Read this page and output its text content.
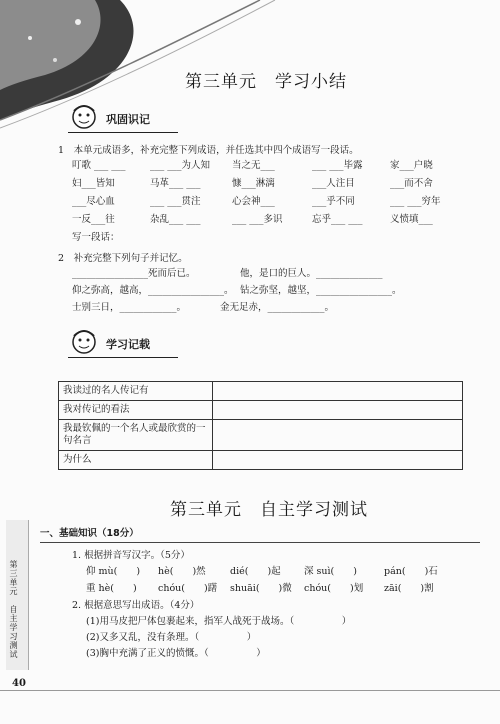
第三单元　学习小结
巩固识记
1　 本单元成语多，补充完整下列成语，并任选其中四个成语写一段话。
叮歌 ___ ___	___ ___为人知 当之无___	___ ___毕露	家___户晓
妇___皆知	马革___ ___	慷___淋漓	___人注目	___而不舍
___尽心血	___ ___贯注	心会神___	___乎不同	___ ___穷年
一反___往	杂乱___ ___	___ ___多识	忘乎___ ___	义愤填___
写一段话：
2　 补充完整下列句子并记忆。
________________死而后已。	他，是口的巨人。______________
仰之弥高，越高，________________。 钻之弥坚，越坚，________________。
士别三日，____________。	金无足赤，____________。
学习记载
我读过的名人传记有	
我对传记的看法	
我最钦佩的一个名人或最欣赏的一句名言	
为什么	
第三单元　自主学习测试
一、基础知识（18分）
1. 根据拼音写汉字。（5分）
仰 mù(　　) hè(　　)然	dié(　　)起 深 suì(　　)	pán(　　)石
重 hè(　　) chóu(　　)躇 shuāi(　　)微 chóu(　　)划 zāi(　　)割
2. 根据意思写出成语。（4分）
(1)用马皮把尸体包裹起来，指军人战死于战场。（　　　　　）
(2)又多又乱，没有条理。（　　　　　）
(3)胸中充满了正义的愤慨。（　　　　　）
第三单元　自主学习测试
40
